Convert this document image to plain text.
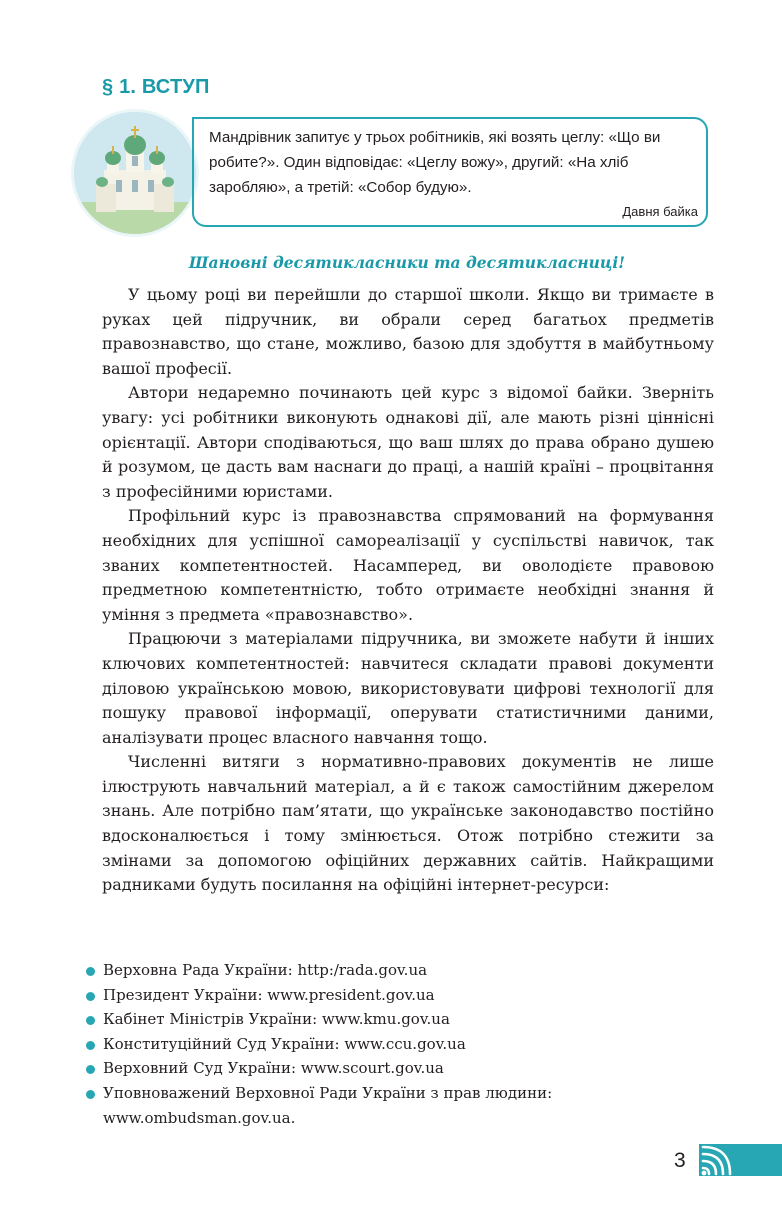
§ 1. ВСТУП

Мандрівник запитує у трьох робітників, які возять цеглу: «Що ви робите?». Один відповідає: «Цеглу вожу», другий: «На хліб заробляю», а третій: «Собор будую».

Давня байка

Шановні десятикласники та десятикласниці!

У цьому році ви перейшли до старшої школи. Якщо ви тримаєте в руках цей підручник, ви обрали серед багатьох предметів правознавство, що стане, можливо, базою для здобуття в майбутньому вашої професії.

Автори недаремно починають цей курс з відомої байки. Зверніть увагу: усі робітники виконують однакові дії, але мають різні ціннісні орієнтації. Автори сподіваються, що ваш шлях до права обрано душею й розумом, це дасть вам наснаги до праці, а нашій країні – процвітання з професійними юристами.

Профільний курс із правознавства спрямований на формування необхідних для успішної самореалізації у суспільстві навичок, так званих компетентностей. Насамперед, ви оволодієте правовою предметною компетентністю, тобто отримаєте необхідні знання й уміння з предмета «правознавство».

Працюючи з матеріалами підручника, ви зможете набути й інших ключових компетентностей: навчитеся складати правові документи діловою українською мовою, використовувати цифрові технології для пошуку правової інформації, оперувати статистичними даними, аналізувати процес власного навчання тощо.

Численні витяги з нормативно-правових документів не лише ілюструють навчальний матеріал, а й є також самостійним джерелом знань. Але потрібно пам’ятати, що українське законодавство постійно вдосконалюється і тому змінюється. Отож потрібно стежити за змінами за допомогою офіційних державних сайтів. Найкращими радниками будуть посилання на офіційні інтернет-ресурси:

Верховна Рада України: http:/rada.gov.ua
Президент України: www.president.gov.ua
Кабінет Міністрів України: www.kmu.gov.ua
Конституційний Суд України: www.ccu.gov.ua
Верховний Суд України: www.scourt.gov.ua
Уповноважений Верховної Ради України з прав людини:
www.ombudsman.gov.ua.
3
